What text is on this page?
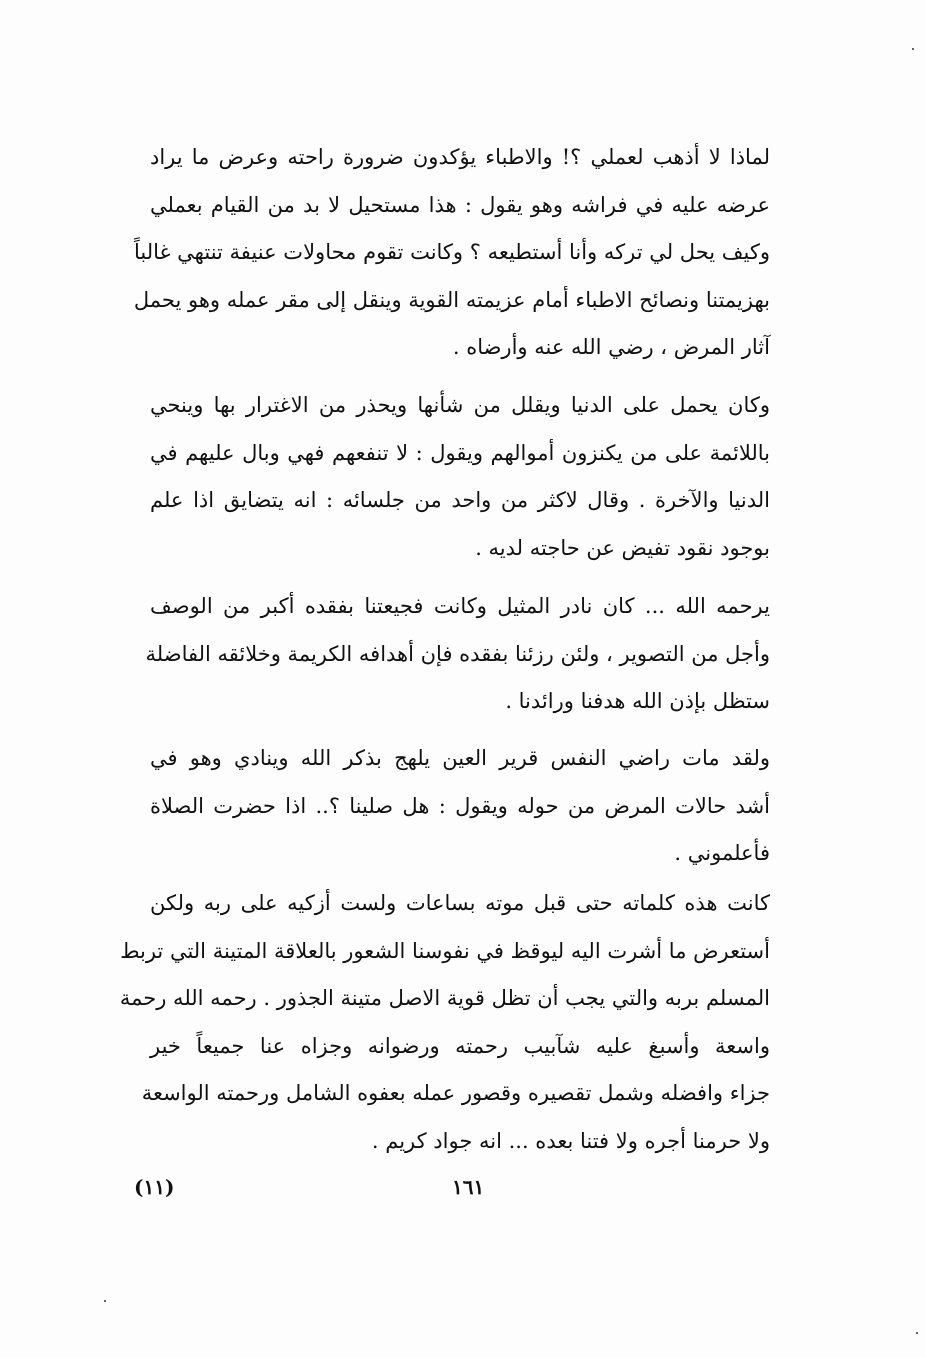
لماذا لا أذهب لعملي ؟! والاطباء يؤكدون ضرورة راحته وعرض ما يراد
عرضه عليه في فراشه وهو يقول : هذا مستحيل لا بد من القيام بعملي
وكيف يحل لي تركه وأنا أستطيعه ؟ وكانت تقوم محاولات عنيفة تنتهي غالباً
بهزيمتنا ونصائح الاطباء أمام عزيمته القوية وينقل إلى مقر عمله وهو يحمل
آثار المرض ، رضي الله عنه وأرضاه .
وكان يحمل على الدنيا ويقلل من شأنها ويحذر من الاغترار بها وينحي
باللائمة على من يكنزون أموالهم ويقول : لا تنفعهم فهي وبال عليهم في
الدنيا والآخرة . وقال لاكثر من واحد من جلسائه : انه يتضايق اذا علم
بوجود نقود تفيض عن حاجته لديه .
يرحمه الله ... كان نادر المثيل وكانت فجيعتنا بفقده أكبر من الوصف
وأجل من التصوير ، ولئن رزئنا بفقده فإن أهدافه الكريمة وخلائقه الفاضلة
ستظل بإذن الله هدفنا ورائدنا .
ولقد مات راضي النفس قرير العين يلهج بذكر الله وينادي وهو في
أشد حالات المرض من حوله ويقول : هل صلينا ؟.. اذا حضرت الصلاة
فأعلموني .
كانت هذه كلماته حتى قبل موته بساعات ولست أزكيه على ربه ولكن
أستعرض ما أشرت اليه ليوقظ في نفوسنا الشعور بالعلاقة المتينة التي تربط
المسلم بربه والتي يجب أن تظل قوية الاصل متينة الجذور . رحمه الله رحمة
واسعة وأسبغ عليه شآبيب رحمته ورضوانه وجزاه عنا جميعاً خير
جزاء وافضله وشمل تقصيره وقصور عمله بعفوه الشامل ورحمته الواسعة
ولا حرمنا أجره ولا فتنا بعده ... انه جواد كريم .
١٦١
(١١)
